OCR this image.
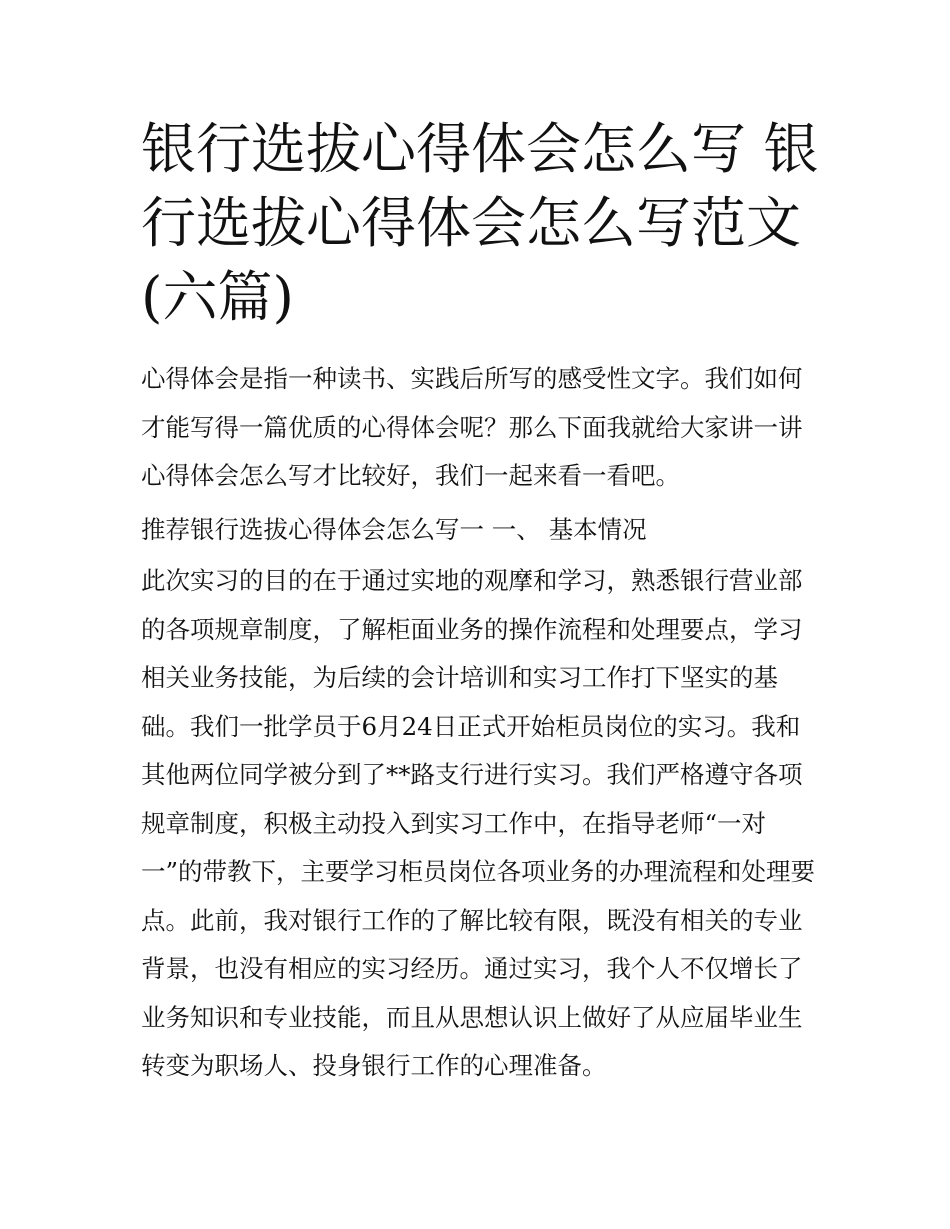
银行选拔心得体会怎么写 银行选拔心得体会怎么写范文(六篇)

心得体会是指一种读书、实践后所写的感受性文字。我们如何才能写得一篇优质的心得体会呢？那么下面我就给大家讲一讲心得体会怎么写才比较好，我们一起来看一看吧。

推荐银行选拔心得体会怎么写一 一、 基本情况

此次实习的目的在于通过实地的观摩和学习，熟悉银行营业部的各项规章制度，了解柜面业务的操作流程和处理要点，学习相关业务技能，为后续的会计培训和实习工作打下坚实的基础。我们一批学员于6月24日正式开始柜员岗位的实习。我和其他两位同学被分到了**路支行进行实习。我们严格遵守各项规章制度，积极主动投入到实习工作中，在指导老师“一对一”的带教下，主要学习柜员岗位各项业务的办理流程和处理要点。此前，我对银行工作的了解比较有限，既没有相关的专业背景，也没有相应的实习经历。通过实习，我个人不仅增长了业务知识和专业技能，而且从思想认识上做好了从应届毕业生转变为职场人、投身银行工作的心理准备。
